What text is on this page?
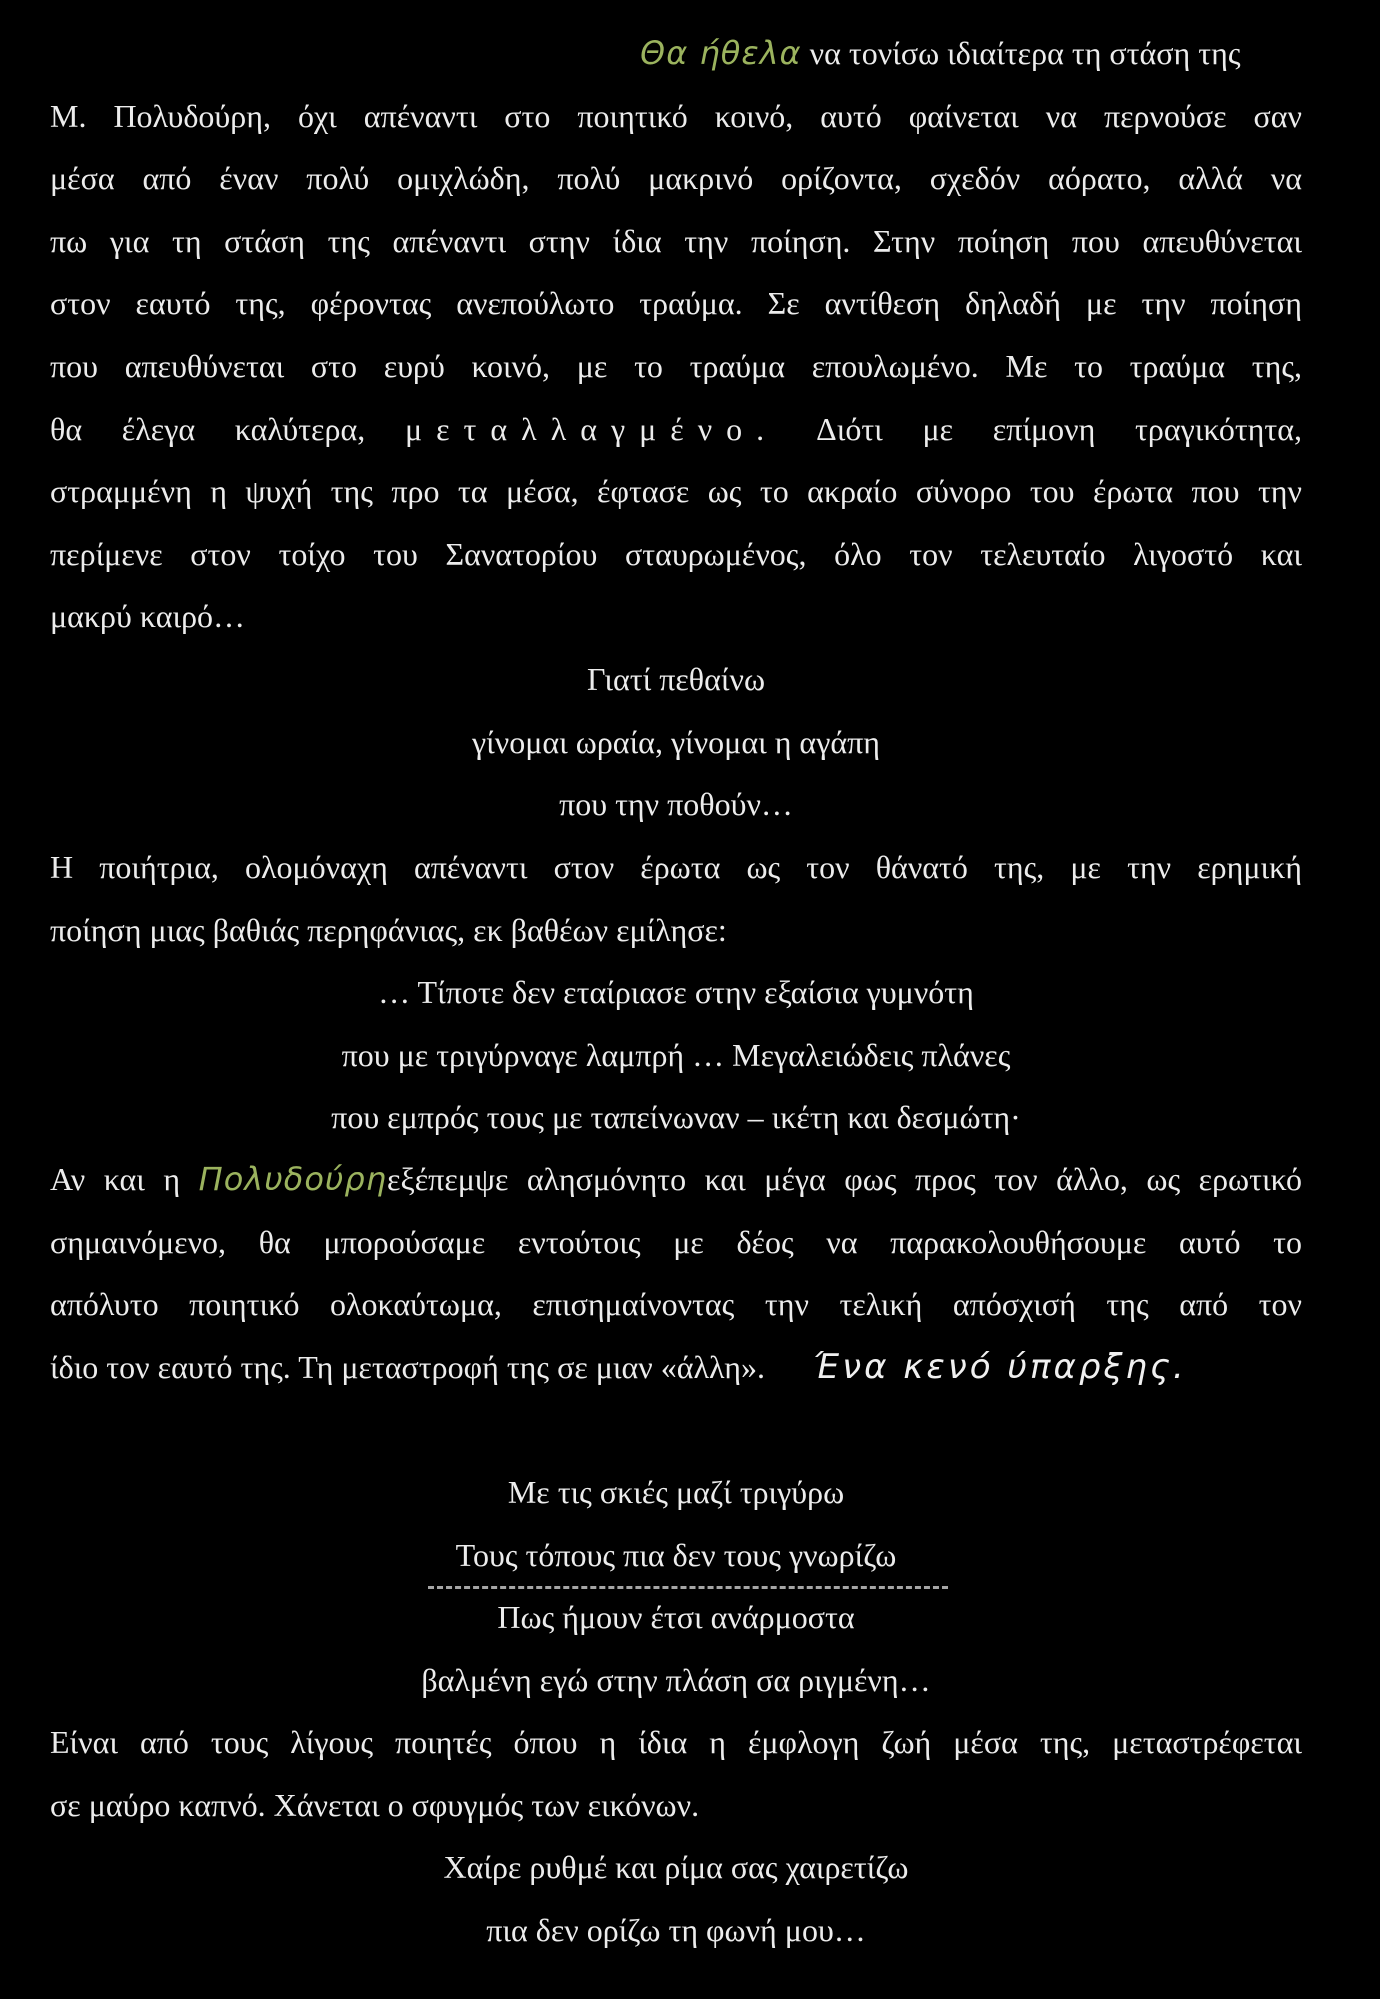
Θα ήθελα να τονίσω ιδιαίτερα τη στάση της
Μ. Πολυδούρη, όχι απέναντι στο ποιητικό κοινό, αυτό φαίνεται να περνούσε σαν
μέσα από έναν πολύ ομιχλώδη, πολύ μακρινό ορίζοντα, σχεδόν αόρατο, αλλά να
πω για τη στάση της απέναντι στην ίδια την ποίηση. Στην ποίηση που απευθύνεται
στον εαυτό της, φέροντας ανεπούλωτο τραύμα. Σε αντίθεση δηλαδή με την ποίηση
που απευθύνεται στο ευρύ κοινό, με το τραύμα επουλωμένο. Με το τραύμα της,
θα έλεγα καλύτερα, μεταλλαγμένο. Διότι με επίμονη τραγικότητα,
στραμμένη η ψυχή της προ τα μέσα, έφτασε ως το ακραίο σύνορο του έρωτα που την
περίμενε στον τοίχο του Σανατορίου σταυρωμένος, όλο τον τελευταίο λιγοστό και
μακρύ καιρό…
Γιατί πεθαίνω
γίνομαι ωραία, γίνομαι η αγάπη
που την ποθούν…
Η ποιήτρια, ολομόναχη απέναντι στον έρωτα ως τον θάνατό της, με την ερημική
ποίηση μιας βαθιάς περηφάνιας, εκ βαθέων εμίλησε:
… Τίποτε δεν εταίριασε στην εξαίσια γυμνότη
που με τριγύρναγε λαμπρή … Μεγαλειώδεις πλάνες
που εμπρός τους με ταπείνωναν – ικέτη και δεσμώτη·
Αν και η Πολυδούρηεξέπεμψε αλησμόνητο και μέγα φως προς τον άλλο, ως ερωτικό
σημαινόμενο, θα μπορούσαμε εντούτοις με δέος να παρακολουθήσουμε αυτό το
απόλυτο ποιητικό ολοκαύτωμα, επισημαίνοντας την τελική απόσχισή της από τον
ίδιο τον εαυτό της. Τη μεταστροφή της σε μιαν «άλλη». Ένα κενό ύπαρξης.
Με τις σκιές μαζί τριγύρω
Τους τόπους πια δεν τους γνωρίζω
Πως ήμουν έτσι ανάρμοστα
βαλμένη εγώ στην πλάση σα ριγμένη…
Είναι από τους λίγους ποιητές όπου η ίδια η έμφλογη ζωή μέσα της, μεταστρέφεται
σε μαύρο καπνό. Χάνεται ο σφυγμός των εικόνων.
Χαίρε ρυθμέ και ρίμα σας χαιρετίζω
πια δεν ορίζω τη φωνή μου…
